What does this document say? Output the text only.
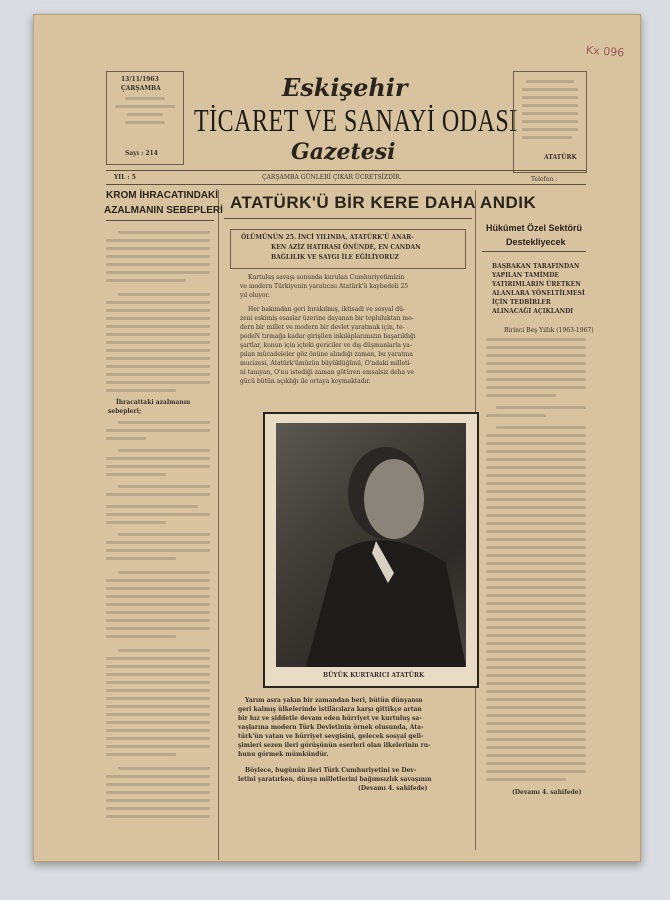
Kx 096
13/11/1963
ÇARŞAMBA
Sayı : 214
Eskişehir
TİCARET VE SANAYİ ODASI
Gazetesi	ATATÜRK
YIL : 5	ÇARŞAMBA GÜNLERİ ÇIKAR ÜCRETSİZDİR.	Telefon :
KROM İHRACATINDAKİ
AZALMANIN SEBEPLERİ
İhracattaki azalmanın
sebepleri;
ATATÜRK'Ü BİR KERE DAHA ANDIK
ÖLÜMÜNÜN 25. İNCİ YILINDA, ATATÜRK'Ü ANAR-
KEN AZİZ HATIRASI ÖNÜNDE, EN CANDAN
BAĞLILIK VE SAYGI İLE EĞİLİYORUZ
Kurtuluş savaşı sonunda kurulan Cumhuriyetimizin
ve modern Türkiyenin yaratıcısı Atatürk'ü kaybedeli 25
yıl oluyor.
Her bakımdan geri bırakılmış, iktisadi ve sosyal dü-
zeni eskimiş esaslar üzerine dayanan bir topluluktan mo-
dern bir millet ve modern bir devlet yaratmak için, te-
pedeN tırmağa kadar girişilen inkılâplarımızın başarıldığı
şartlar, konun için içteki gericiler ve dış düşmanlarla ya-
pılan mücadeleler göz önüne alındığı zaman, bu yaratma
mucizesi, Atatürk'ümüzün büyüklüğünü, O'ndaki milleti-
ni tanıyan, O'nu istediği zaman götüren emsalsiz deha ve
gücü bütün açıklığı ile ortaya koymaktadır.
BÜYÜK KURTARICI ATATÜRK
Yarım asra yakın bir zamandan beri, bütün dünyanın
geri kalmış ülkelerinde istilâcılara karşı gittikçe artan
bir hız ve şiddetle devam eden hürriyet ve kurtuluş sa-
vaşlarına modern Türk Devletinin örnek olusunda, Ata-
türk'ün vatan ve hürriyet sevgisini, gelecek sosyal geli-
şimleri sezen ileri görüşünün eserleri olan ilkelerinin ru-
hunu görmek mümkündür.
Böylece, bugünün ileri Türk Cumhuriyetini ve Dev-
letini yaratırken, dünya milletlerini bağımsızlık savaşının
(Devamı 4. sahifede)
Hükûmet Özel Sektörü
Destekliyecek
BAŞBAKAN TARAFINDAN
YAPILAN TAMİMDE
YATIRIMLARIN ÜRETKEN
ALANLARA YÖNELTİLMESİ
İÇİN TEDBİRLER
ALINACAĞI AÇIKLANDI
Birinci Beş Yıllık (1963-1967)
(Devamı 4. sahifede)
